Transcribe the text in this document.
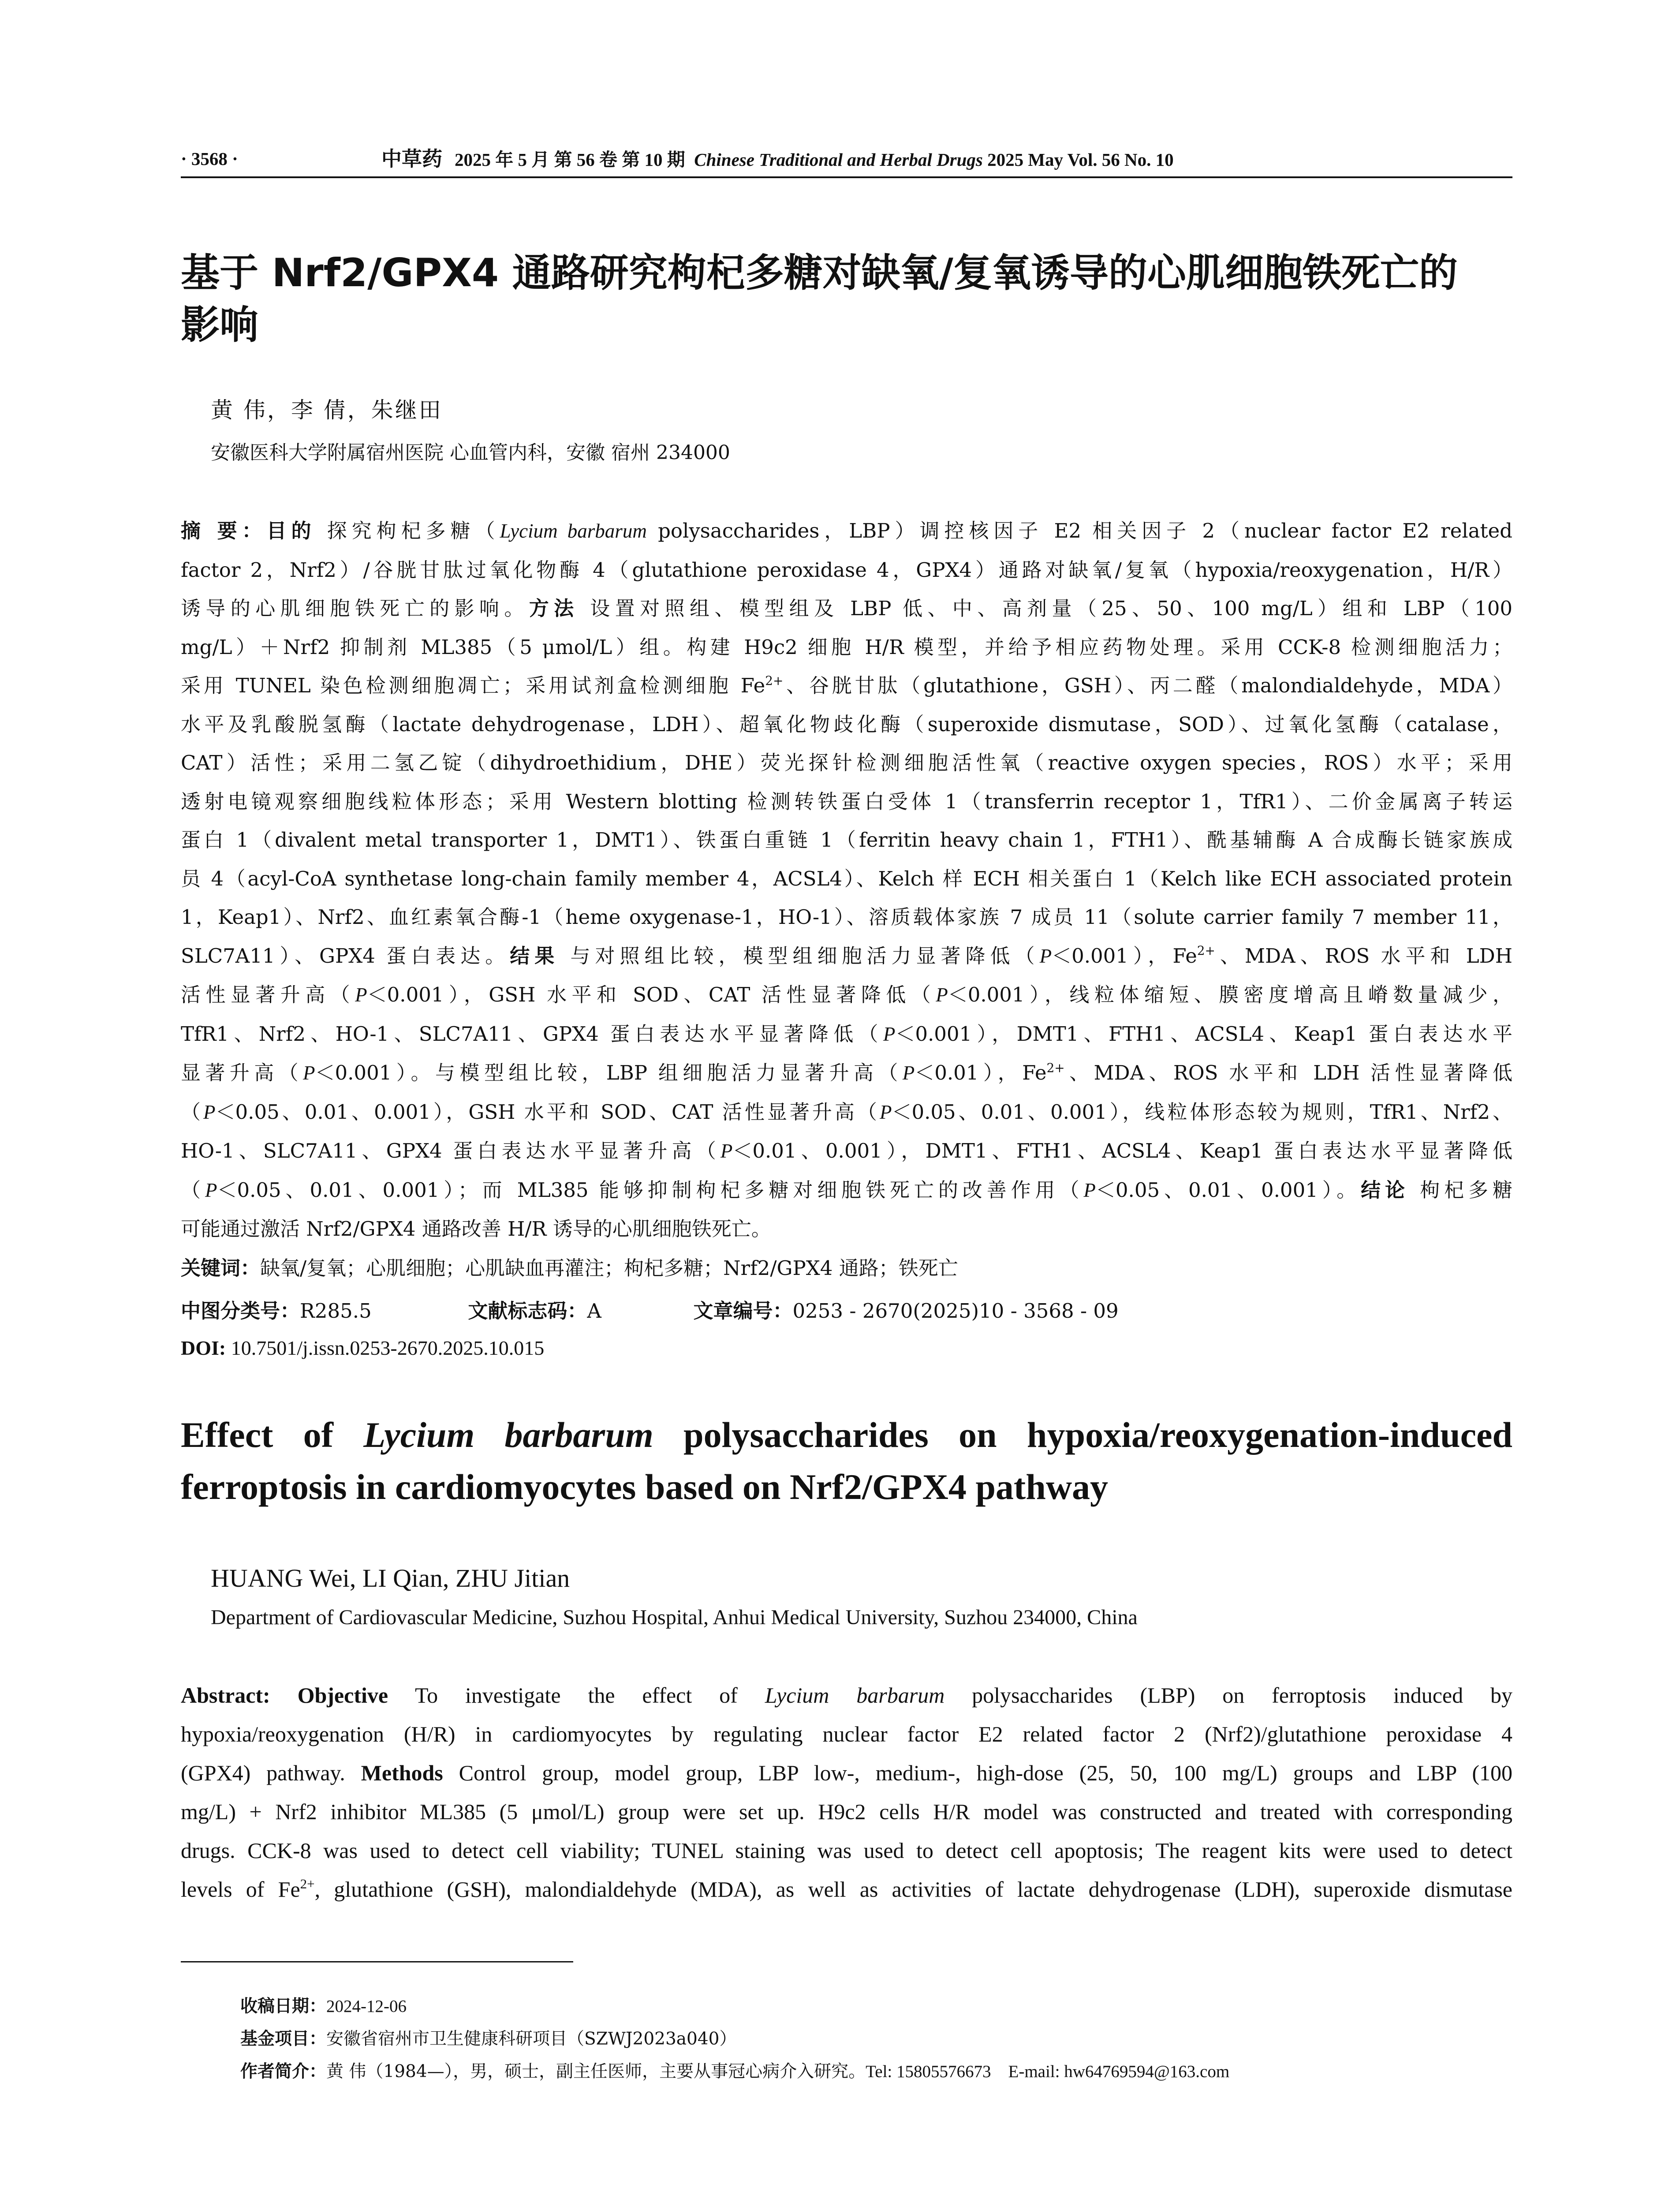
· 3568 ·	中草药 2025 年 5 月 第 56 卷 第 10 期 Chinese Traditional and Herbal Drugs 2025 May Vol. 56 No. 10
基于 Nrf2/GPX4 通路研究枸杞多糖对缺氧/复氧诱导的心肌细胞铁死亡的
影响
黄 伟，李 倩，朱继田
安徽医科大学附属宿州医院 心血管内科，安徽 宿州 234000
摘 要：目的 探究枸杞多糖（Lycium barbarum polysaccharides，LBP）调控核因子 E2 相关因子 2（nuclear factor E2 related
factor 2，Nrf2）/谷胱甘肽过氧化物酶 4（glutathione peroxidase 4，GPX4）通路对缺氧/复氧（hypoxia/reoxygenation，H/R）
诱导的心肌细胞铁死亡的影响。方法 设置对照组、模型组及 LBP 低、中、高剂量（25、50、100 mg/L）组和 LBP（100
mg/L）＋Nrf2 抑制剂 ML385（5 μmol/L）组。构建 H9c2 细胞 H/R 模型，并给予相应药物处理。采用 CCK-8 检测细胞活力；
采用 TUNEL 染色检测细胞凋亡；采用试剂盒检测细胞 $Fe^{2+}$、谷胱甘肽（glutathione，GSH）、丙二醛（malondialdehyde，MDA）
水平及乳酸脱氢酶（lactate dehydrogenase，LDH）、超氧化物歧化酶（superoxide dismutase，SOD）、过氧化氢酶（catalase，
CAT）活性；采用二氢乙锭（dihydroethidium，DHE）荧光探针检测细胞活性氧（reactive oxygen species，ROS）水平；采用
透射电镜观察细胞线粒体形态；采用 Western blotting 检测转铁蛋白受体 1（transferrin receptor 1，TfR1）、二价金属离子转运
蛋白 1（divalent metal transporter 1，DMT1）、铁蛋白重链 1（ferritin heavy chain 1，FTH1）、酰基辅酶 A 合成酶长链家族成
员 4（acyl-CoA synthetase long-chain family member 4，ACSL4）、Kelch 样 ECH 相关蛋白 1（Kelch like ECH associated protein
1，Keap1）、Nrf2、血红素氧合酶-1（heme oxygenase-1，HO-1）、溶质载体家族 7 成员 11（solute carrier family 7 member 11，
SLC7A11）、GPX4 蛋白表达。结果 与对照组比较，模型组细胞活力显著降低（P＜0.001），$Fe^{2+}$、MDA、ROS 水平和 LDH
活性显著升高（P＜0.001），GSH 水平和 SOD、CAT 活性显著降低（P＜0.001），线粒体缩短、膜密度增高且嵴数量减少，
TfR1、Nrf2、HO-1、SLC7A11、GPX4 蛋白表达水平显著降低（P＜0.001），DMT1、FTH1、ACSL4、Keap1 蛋白表达水平
显著升高（P＜0.001）。与模型组比较，LBP 组细胞活力显著升高（P＜0.01），$Fe^{2+}$、MDA、ROS 水平和 LDH 活性显著降低
（P＜0.05、0.01、0.001），GSH 水平和 SOD、CAT 活性显著升高（P＜0.05、0.01、0.001），线粒体形态较为规则，TfR1、Nrf2、
HO-1、SLC7A11、GPX4 蛋白表达水平显著升高（P＜0.01、0.001），DMT1、FTH1、ACSL4、Keap1 蛋白表达水平显著降低
（P＜0.05、0.01、0.001）；而 ML385 能够抑制枸杞多糖对细胞铁死亡的改善作用（P＜0.05、0.01、0.001）。结论 枸杞多糖
可能通过激活 Nrf2/GPX4 通路改善 H/R 诱导的心肌细胞铁死亡。
关键词：缺氧/复氧；心肌细胞；心肌缺血再灌注；枸杞多糖；Nrf2/GPX4 通路；铁死亡
中图分类号：R285.5	文献标志码：A	文章编号：0253 - 2670(2025)10 - 3568 - 09
DOI: 10.7501/j.issn.0253-2670.2025.10.015
Effect of Lycium barbarum polysaccharides on hypoxia/reoxygenation-induced
ferroptosis in cardiomyocytes based on Nrf2/GPX4 pathway
HUANG Wei, LI Qian, ZHU Jitian
Department of Cardiovascular Medicine, Suzhou Hospital, Anhui Medical University, Suzhou 234000, China
Abstract: Objective To investigate the effect of Lycium barbarum polysaccharides (LBP) on ferroptosis induced by
hypoxia/reoxygenation (H/R) in cardiomyocytes by regulating nuclear factor E2 related factor 2 (Nrf2)/glutathione peroxidase 4
(GPX4) pathway. Methods Control group, model group, LBP low-, medium-, high-dose (25, 50, 100 mg/L) groups and LBP (100
mg/L) + Nrf2 inhibitor ML385 (5 μmol/L) group were set up. H9c2 cells H/R model was constructed and treated with corresponding
drugs. CCK-8 was used to detect cell viability; TUNEL staining was used to detect cell apoptosis; The reagent kits were used to detect
levels of $Fe^{2+}$, glutathione (GSH), malondialdehyde (MDA), as well as activities of lactate dehydrogenase (LDH), superoxide dismutase
收稿日期：2024-12-06
基金项目：安徽省宿州市卫生健康科研项目（SZWJ2023a040）
作者简介：黄 伟（1984—），男，硕士，副主任医师，主要从事冠心病介入研究。Tel: 15805576673　E-mail: hw64769594@163.com
